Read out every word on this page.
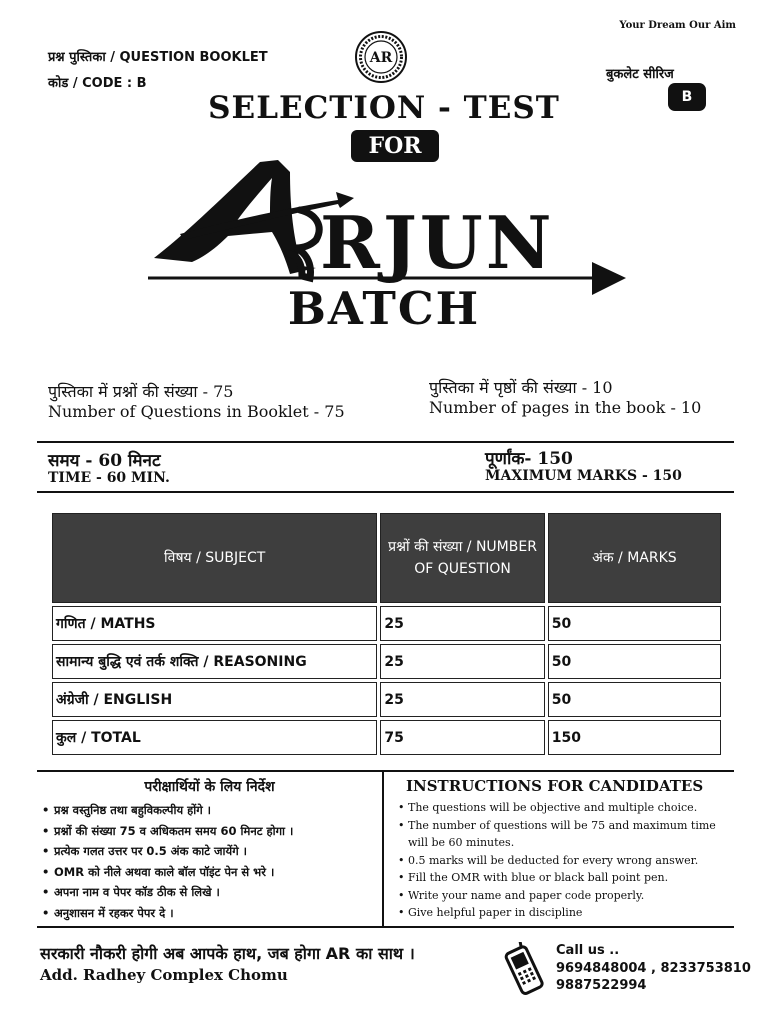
Your Dream Our Aim
प्रश्न पुस्तिका / QUESTION BOOKLET
कोड / CODE : B
बुकलेट सीरिज
B
AR
SELECTION - TEST
FOR
RJUN
BATCH
पुस्तिका में प्रश्नों की संख्या - 75
Number of Questions in Booklet - 75
पुस्तिका में पृष्ठों की संख्या - 10
Number of pages in the book - 10
समय - 60 मिनट
TIME - 60 MIN.
पूर्णांक- 150
MAXIMUM MARKS - 150
विषय / SUBJECT	प्रश्नों की संख्या / NUMBER OF QUESTION	अंक / MARKS
गणित / MATHS	25	50
सामान्य बुद्धि एवं तर्क शक्ति / REASONING	25	50
अंग्रेजी / ENGLISH	25	50
कुल / TOTAL	75	150
परीक्षार्थियों के लिय निर्देश	INSTRUCTIONS FOR CANDIDATES
• प्रश्न वस्तुनिष्ठ तथा बहुविकल्पीय होंगे ।
• प्रश्नों की संख्या 75 व अधिकतम समय 60 मिनट होगा ।
• प्रत्येक गलत उत्तर पर 0.5 अंक काटे जायेंगे ।
• OMR को नीले अथवा काले बॉल पॉइंट पेन से भरे ।
• अपना नाम व पेपर कॉड ठीक से लिखे ।
• अनुशासन में रहकर पेपर दे ।
• The questions will be objective and multiple choice.
• The number of questions will be 75 and maximum time will be 60 minutes.
• 0.5 marks will be deducted for every wrong answer.
• Fill the OMR with blue or black ball point pen.
• Write your name and paper code properly.
• Give helpful paper in discipline
सरकारी नौकरी होगी अब आपके हाथ, जब होगा AR का साथ ।
Add. Radhey Complex Chomu
Call us ..
9694848004 , 8233753810
9887522994
